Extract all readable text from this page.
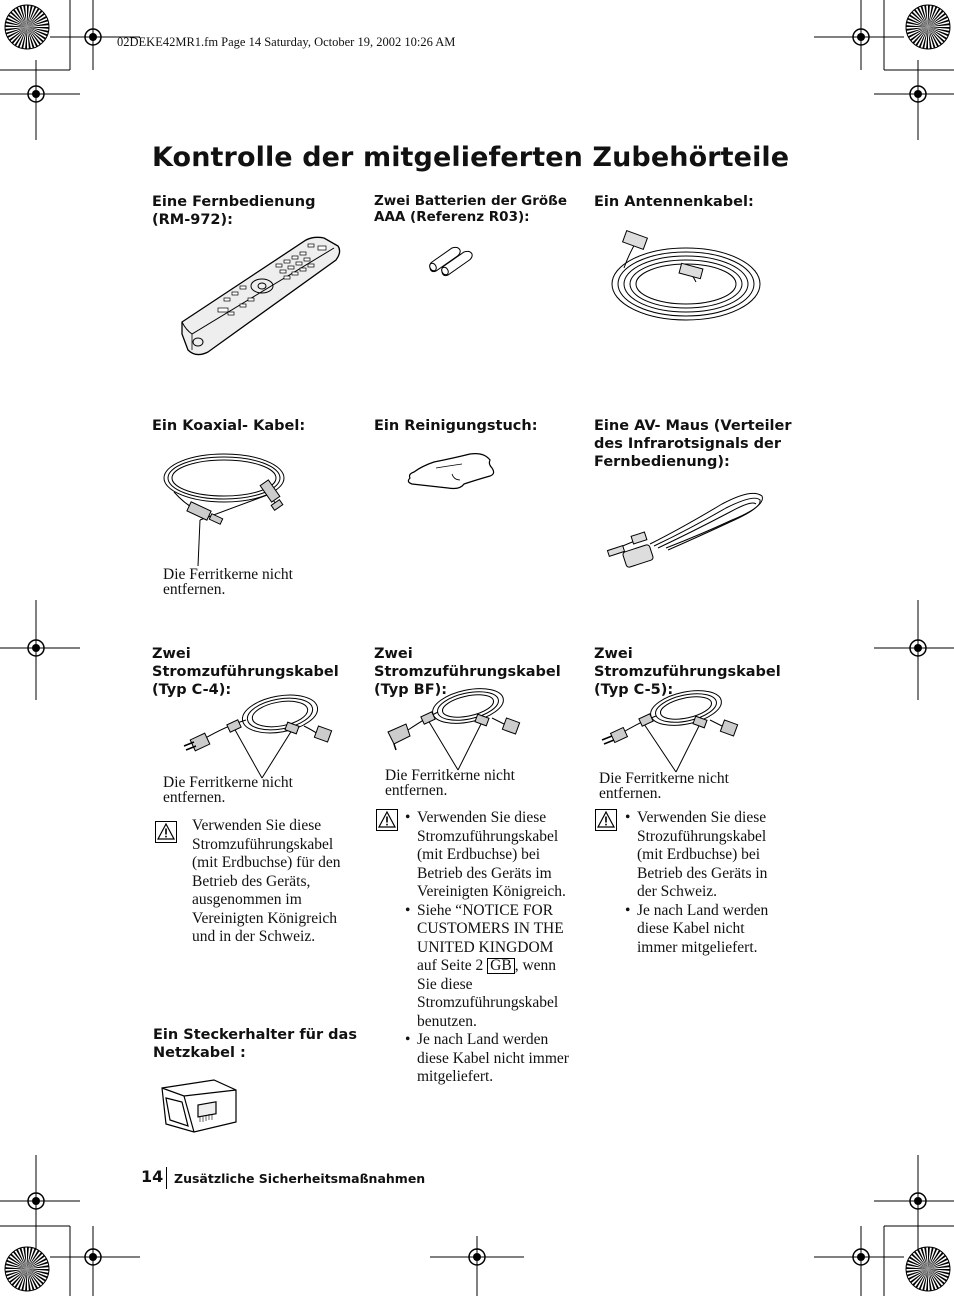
02DEKE42MR1.fm Page 14 Saturday, October 19, 2002 10:26 AM
Kontrolle der mitgelieferten Zubehörteile
Eine Fernbedienung
(RM-972):
Zwei Batterien der Größe
AAA (Referenz R03):
Ein Antennenkabel:
Ein Koaxial- Kabel:
Die Ferritkerne nicht
entfernen.
Ein Reinigungstuch:	Eine AV- Maus (Verteiler
des Infrarotsignals der
Fernbedienung):
Zwei Stromzuführungskabel
(Typ C-4):
Die Ferritkerne nicht
entfernen.
Verwenden Sie diese
Stromzuführungskabel
(mit Erdbuchse) für den
Betrieb des Geräts,
ausgenommen im
Vereinigten Königreich
und in der Schweiz.
Zwei Stromzuführungskabel
(Typ BF):
Die Ferritkerne nicht
entfernen.
• Verwenden Sie diese
Stromzuführungskabel
(mit Erdbuchse) bei
Betrieb des Geräts im
Vereinigten Königreich.
• Siehe “NOTICE FOR
CUSTOMERS IN THE
UNITED KINGDOM
auf Seite 2 GB , wenn
Sie diese
Stromzuführungskabel
benutzen.
• Je nach Land werden
diese Kabel nicht immer
mitgeliefert.
Zwei Stromzuführungskabel
(Typ C-5):
Die Ferritkerne nicht
entfernen.
• Verwenden Sie diese
Strozuführungskabel
(mit Erdbuchse) bei
Betrieb des Geräts in
der Schweiz.
• Je nach Land werden
diese Kabel nicht
immer mitgeliefert.
Ein Steckerhalter für das
Netzkabel :
14 Zusätzliche Sicherheitsmaßnahmen
